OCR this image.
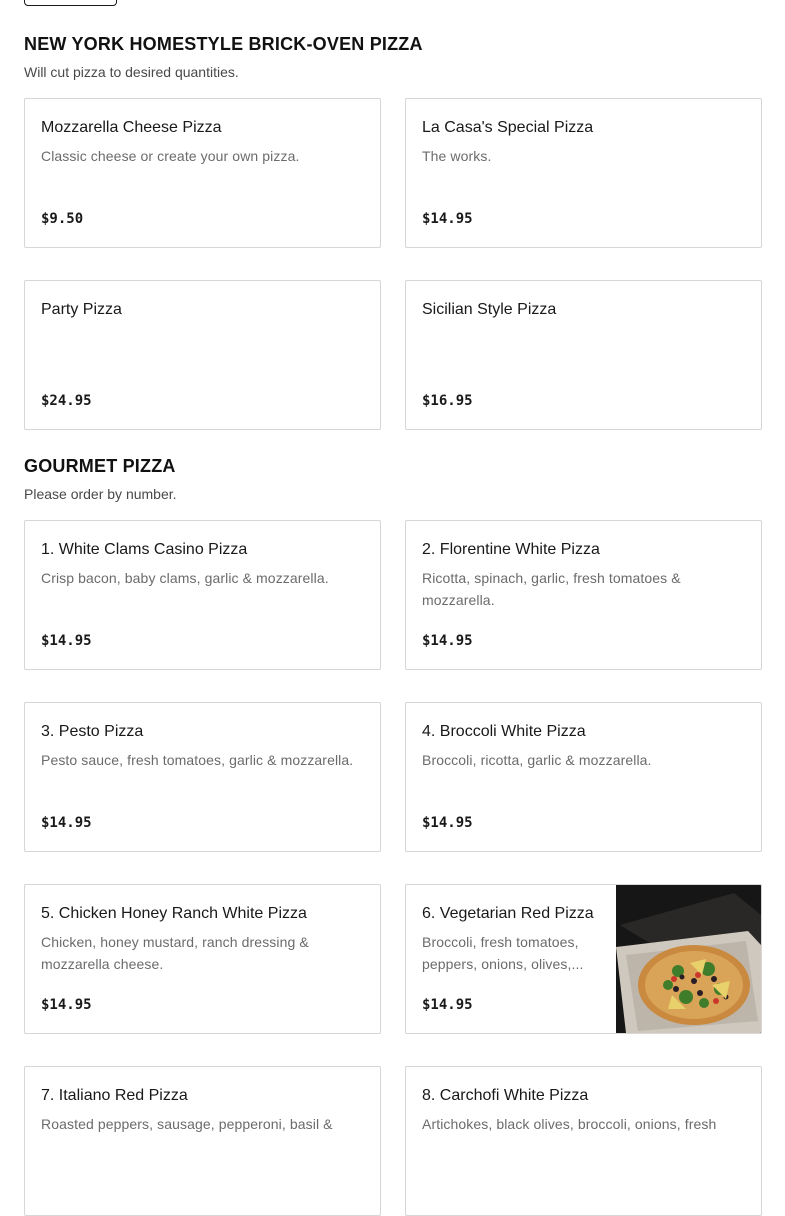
NEW YORK HOMESTYLE BRICK-OVEN PIZZA
Will cut pizza to desired quantities.
Mozzarella Cheese Pizza
Classic cheese or create your own pizza.
$9.50
La Casa's Special Pizza
The works.
$14.95
Party Pizza
$24.95
Sicilian Style Pizza
$16.95
GOURMET PIZZA
Please order by number.
1. White Clams Casino Pizza
Crisp bacon, baby clams, garlic & mozzarella.
$14.95
2. Florentine White Pizza
Ricotta, spinach, garlic, fresh tomatoes & mozzarella.
$14.95
3. Pesto Pizza
Pesto sauce, fresh tomatoes, garlic & mozzarella.
$14.95
4. Broccoli White Pizza
Broccoli, ricotta, garlic & mozzarella.
$14.95
5. Chicken Honey Ranch White Pizza
Chicken, honey mustard, ranch dressing & mozzarella cheese.
$14.95
6. Vegetarian Red Pizza
Broccoli, fresh tomatoes, peppers, onions, olives,...
$14.95
7. Italiano Red Pizza
Roasted peppers, sausage, pepperoni, basil &
8. Carchofi White Pizza
Artichokes, black olives, broccoli, onions, fresh
